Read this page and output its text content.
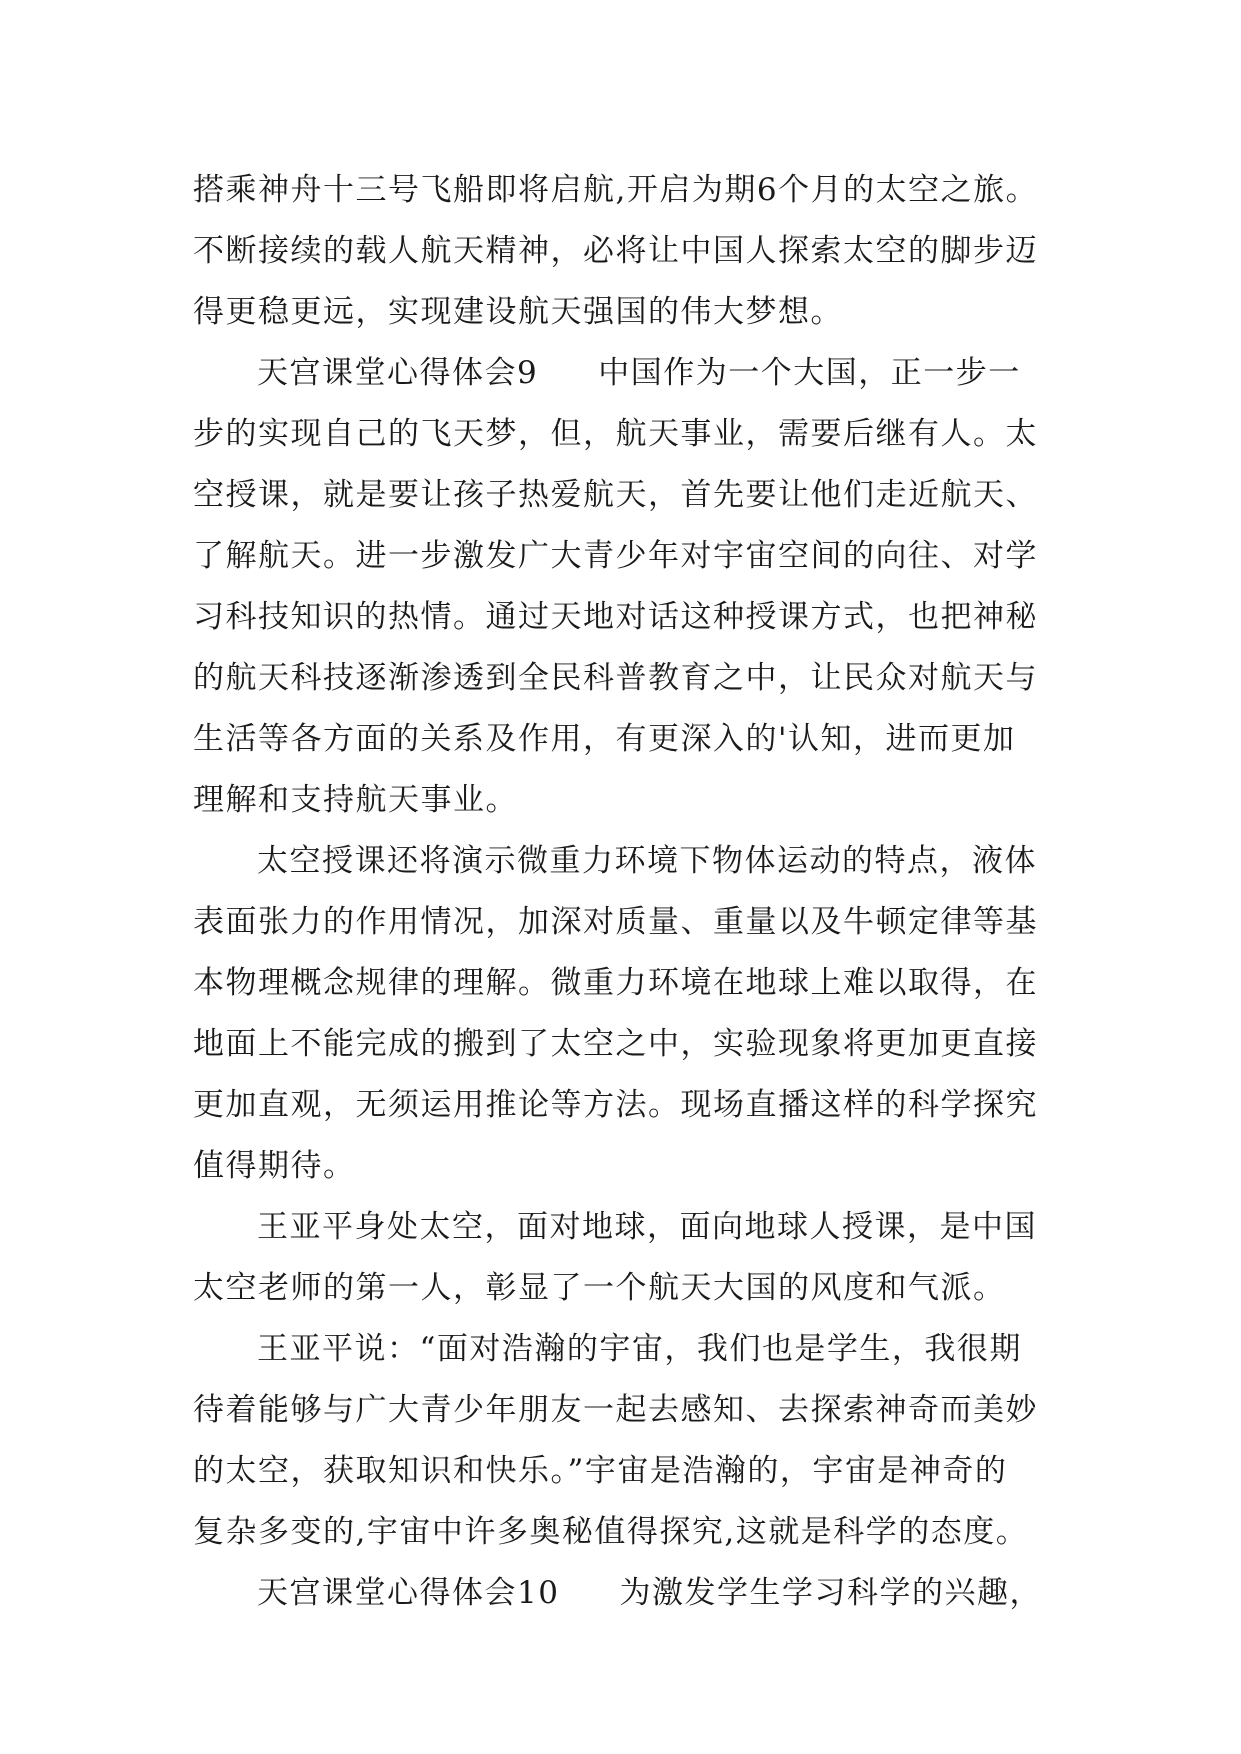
搭乘神舟十三号飞船即将启航,开启为期6个月的太空之旅。
不断接续的载人航天精神，必将让中国人探索太空的脚步迈
得更稳更远，实现建设航天强国的伟大梦想。
天宫课堂心得体会9 中国作为一个大国，正一步一
步的实现自己的飞天梦，但，航天事业，需要后继有人。太
空授课，就是要让孩子热爱航天，首先要让他们走近航天、
了解航天。进一步激发广大青少年对宇宙空间的向往、对学
习科技知识的热情。通过天地对话这种授课方式，也把神秘
的航天科技逐渐渗透到全民科普教育之中，让民众对航天与
生活等各方面的关系及作用，有更深入的'认知，进而更加
理解和支持航天事业。
太空授课还将演示微重力环境下物体运动的特点，液体
表面张力的作用情况，加深对质量、重量以及牛顿定律等基
本物理概念规律的理解。微重力环境在地球上难以取得，在
地面上不能完成的搬到了太空之中，实验现象将更加更直接
更加直观，无须运用推论等方法。现场直播这样的科学探究
值得期待。
王亚平身处太空，面对地球，面向地球人授课，是中国
太空老师的第一人，彰显了一个航天大国的风度和气派。
王亚平说：“面对浩瀚的宇宙，我们也是学生，我很期
待着能够与广大青少年朋友一起去感知、去探索神奇而美妙
的太空，获取知识和快乐。”宇宙是浩瀚的，宇宙是神奇的
复杂多变的,宇宙中许多奥秘值得探究,这就是科学的态度。
天宫课堂心得体会10 为激发学生学习科学的兴趣，
